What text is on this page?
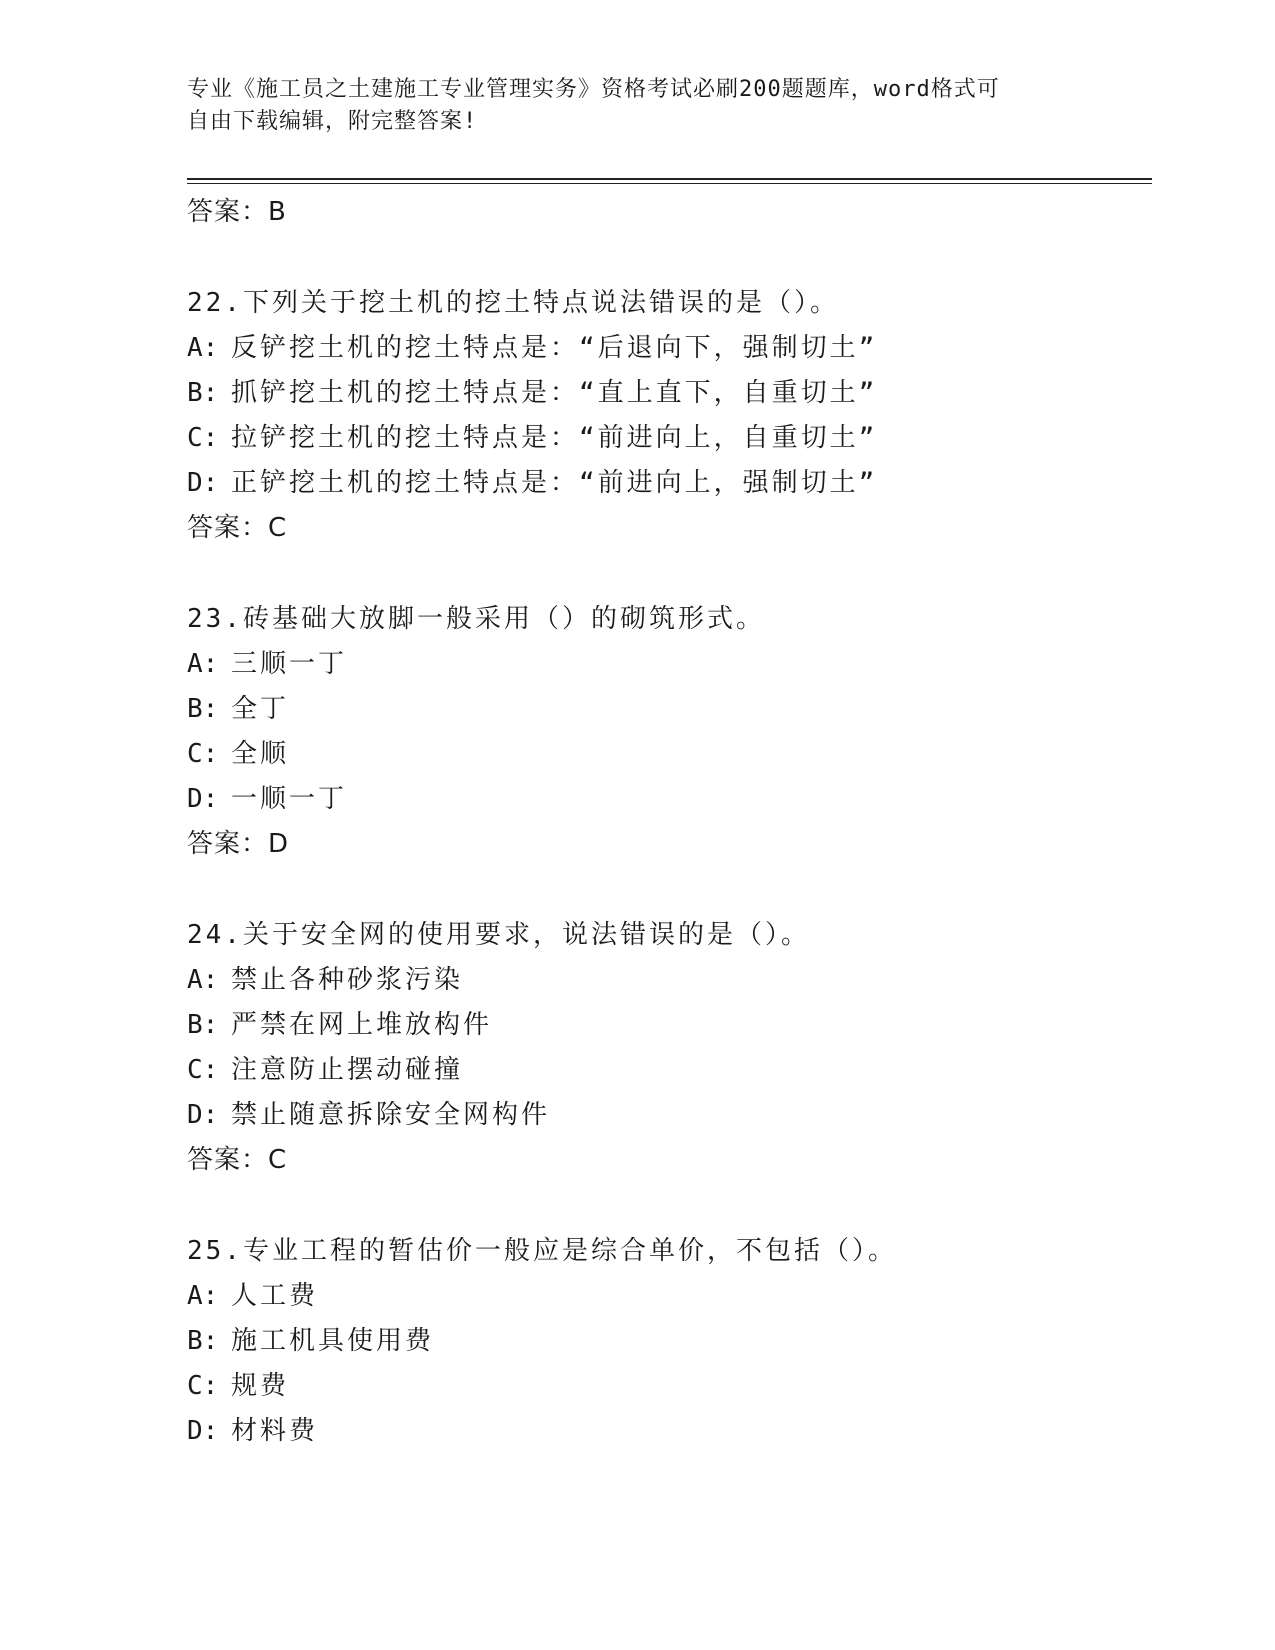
专业《施工员之土建施工专业管理实务》资格考试必刷200题题库，word格式可
自由下载编辑，附完整答案!
答案：B
22.下列关于挖土机的挖土特点说法错误的是（）。
A: 反铲挖土机的挖土特点是：“后退向下，强制切土”
B: 抓铲挖土机的挖土特点是：“直上直下，自重切土”
C: 拉铲挖土机的挖土特点是：“前进向上，自重切土”
D: 正铲挖土机的挖土特点是：“前进向上，强制切土”
答案：C
23.砖基础大放脚一般采用（）的砌筑形式。
A: 三顺一丁
B: 全丁
C: 全顺
D: 一顺一丁
答案：D
24.关于安全网的使用要求，说法错误的是（）。
A: 禁止各种砂浆污染
B: 严禁在网上堆放构件
C: 注意防止摆动碰撞
D: 禁止随意拆除安全网构件
答案：C
25.专业工程的暂估价一般应是综合单价，不包括（）。
A: 人工费
B: 施工机具使用费
C: 规费
D: 材料费
